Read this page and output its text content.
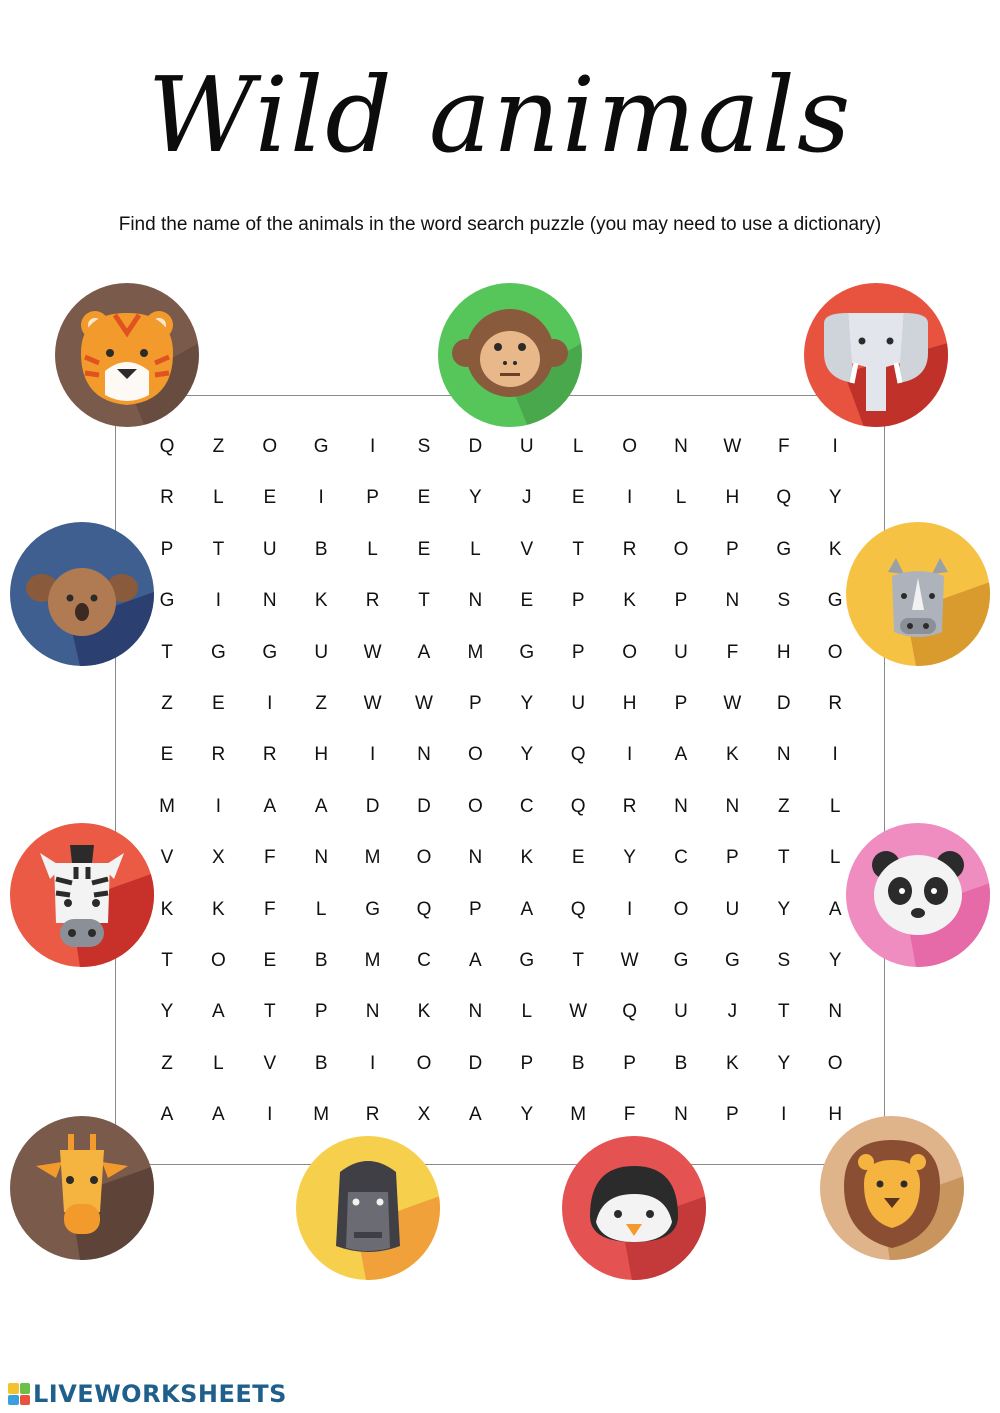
Wild animals
Find the name of the animals in the word search puzzle (you may need to use a dictionary)
Q	Z	O	G	I	S	D	U	L	O	N	W	F	I
R	L	E	I	P	E	Y	J	E	I	L	H	Q	Y
P	T	U	B	L	E	L	V	T	R	O	P	G	K
G	I	N	K	R	T	N	E	P	K	P	N	S	G
T	G	G	U	W	A	M	G	P	O	U	F	H	O
Z	E	I	Z	W	W	P	Y	U	H	P	W	D	R
E	R	R	H	I	N	O	Y	Q	I	A	K	N	I
M	I	A	A	D	D	O	C	Q	R	N	N	Z	L
V	X	F	N	M	O	N	K	E	Y	C	P	T	L
K	K	F	L	G	Q	P	A	Q	I	O	U	Y	A
T	O	E	B	M	C	A	G	T	W	G	G	S	Y
Y	A	T	P	N	K	N	L	W	Q	U	J	T	N
Z	L	V	B	I	O	D	P	B	P	B	K	Y	O
A	A	I	M	R	X	A	Y	M	F	N	P	I	H
LIVEWORKSHEETS
